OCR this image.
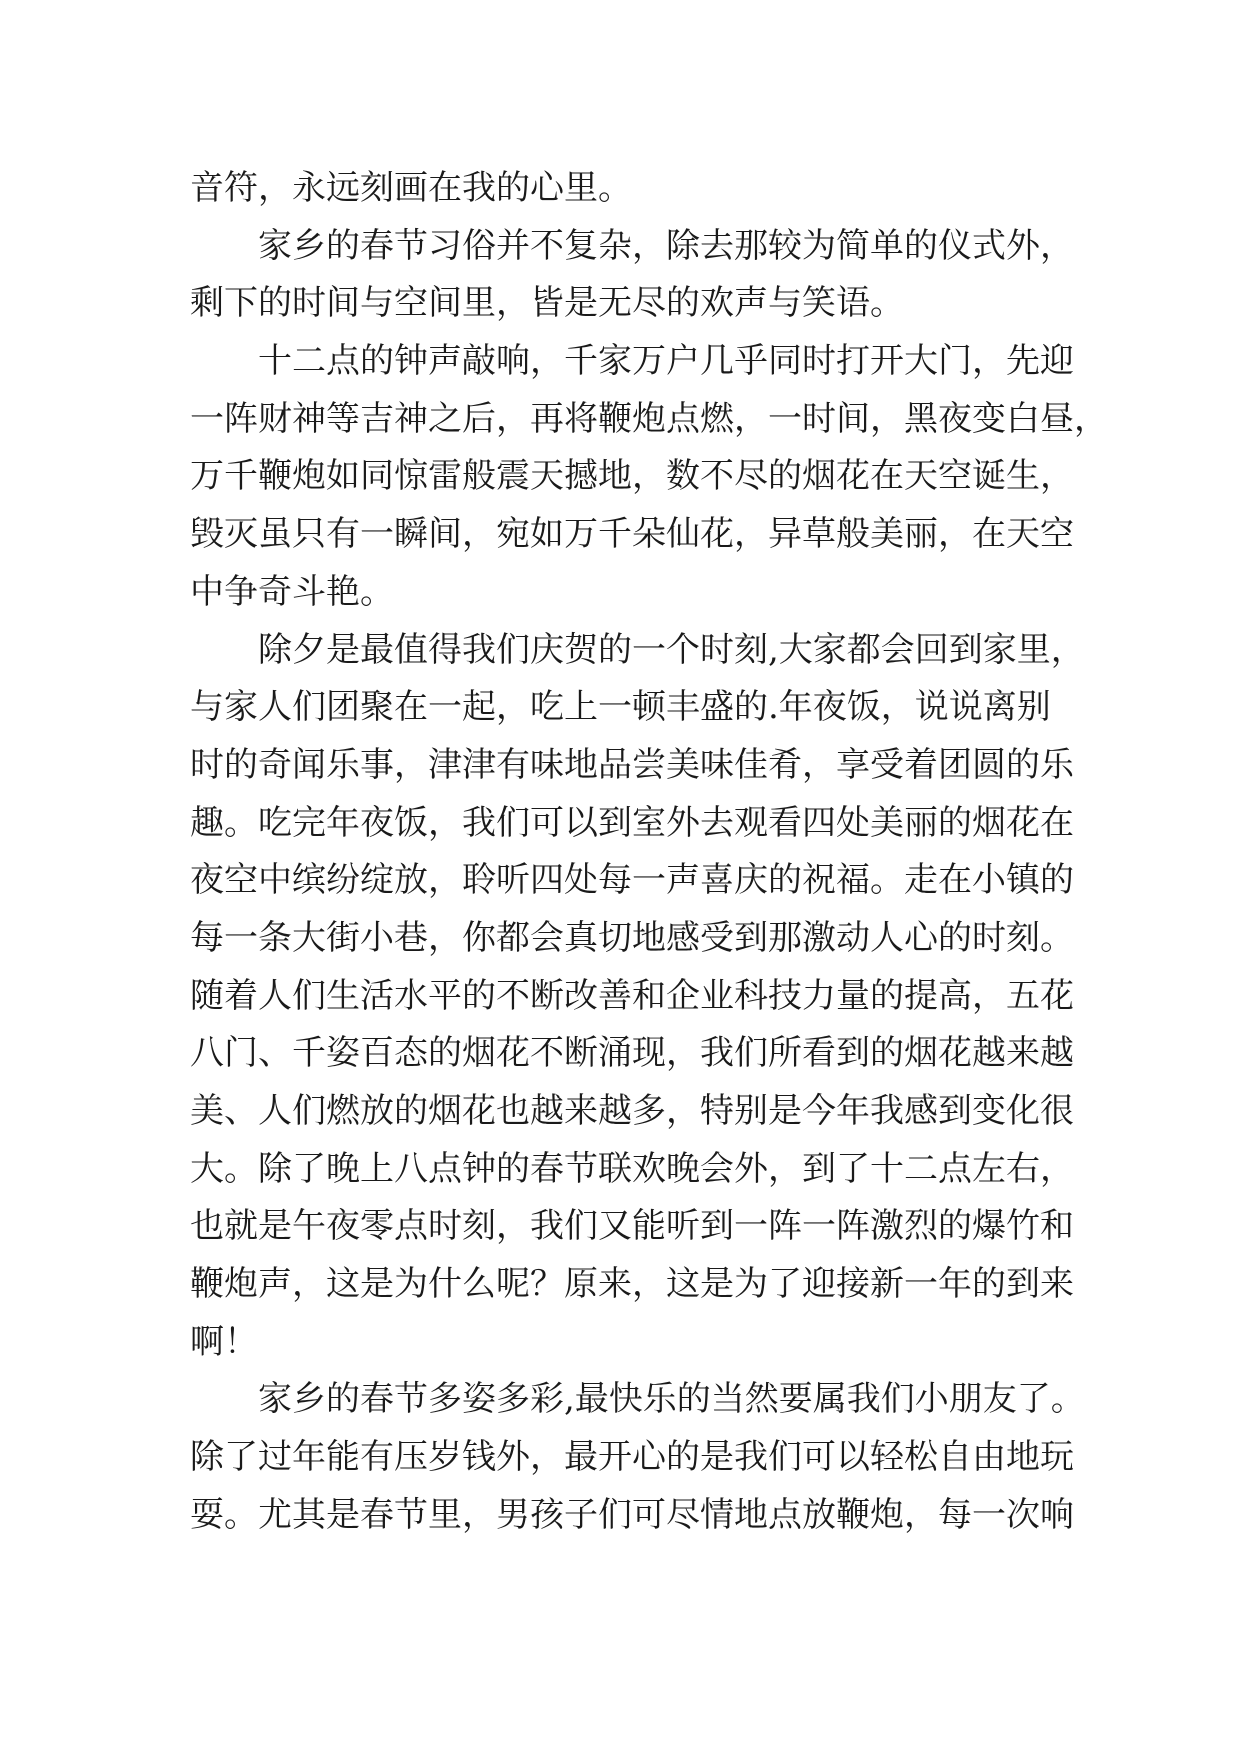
音符，永远刻画在我的心里。
家乡的春节习俗并不复杂，除去那较为简单的仪式外，
剩下的时间与空间里，皆是无尽的欢声与笑语。
十二点的钟声敲响，千家万户几乎同时打开大门，先迎
一阵财神等吉神之后，再将鞭炮点燃，一时间，黑夜变白昼，
万千鞭炮如同惊雷般震天撼地，数不尽的烟花在天空诞生，
毁灭虽只有一瞬间，宛如万千朵仙花，异草般美丽，在天空
中争奇斗艳。
除夕是最值得我们庆贺的一个时刻,大家都会回到家里，
与家人们团聚在一起，吃上一顿丰盛的.年夜饭，说说离别
时的奇闻乐事，津津有味地品尝美味佳肴，享受着团圆的乐
趣。吃完年夜饭，我们可以到室外去观看四处美丽的烟花在
夜空中缤纷绽放，聆听四处每一声喜庆的祝福。走在小镇的
每一条大街小巷，你都会真切地感受到那激动人心的时刻。
随着人们生活水平的不断改善和企业科技力量的提高，五花
八门、千姿百态的烟花不断涌现，我们所看到的烟花越来越
美、人们燃放的烟花也越来越多，特别是今年我感到变化很
大。除了晚上八点钟的春节联欢晚会外，到了十二点左右，
也就是午夜零点时刻，我们又能听到一阵一阵激烈的爆竹和
鞭炮声，这是为什么呢？原来，这是为了迎接新一年的到来
啊！
家乡的春节多姿多彩,最快乐的当然要属我们小朋友了。
除了过年能有压岁钱外，最开心的是我们可以轻松自由地玩
耍。尤其是春节里，男孩子们可尽情地点放鞭炮，每一次响
